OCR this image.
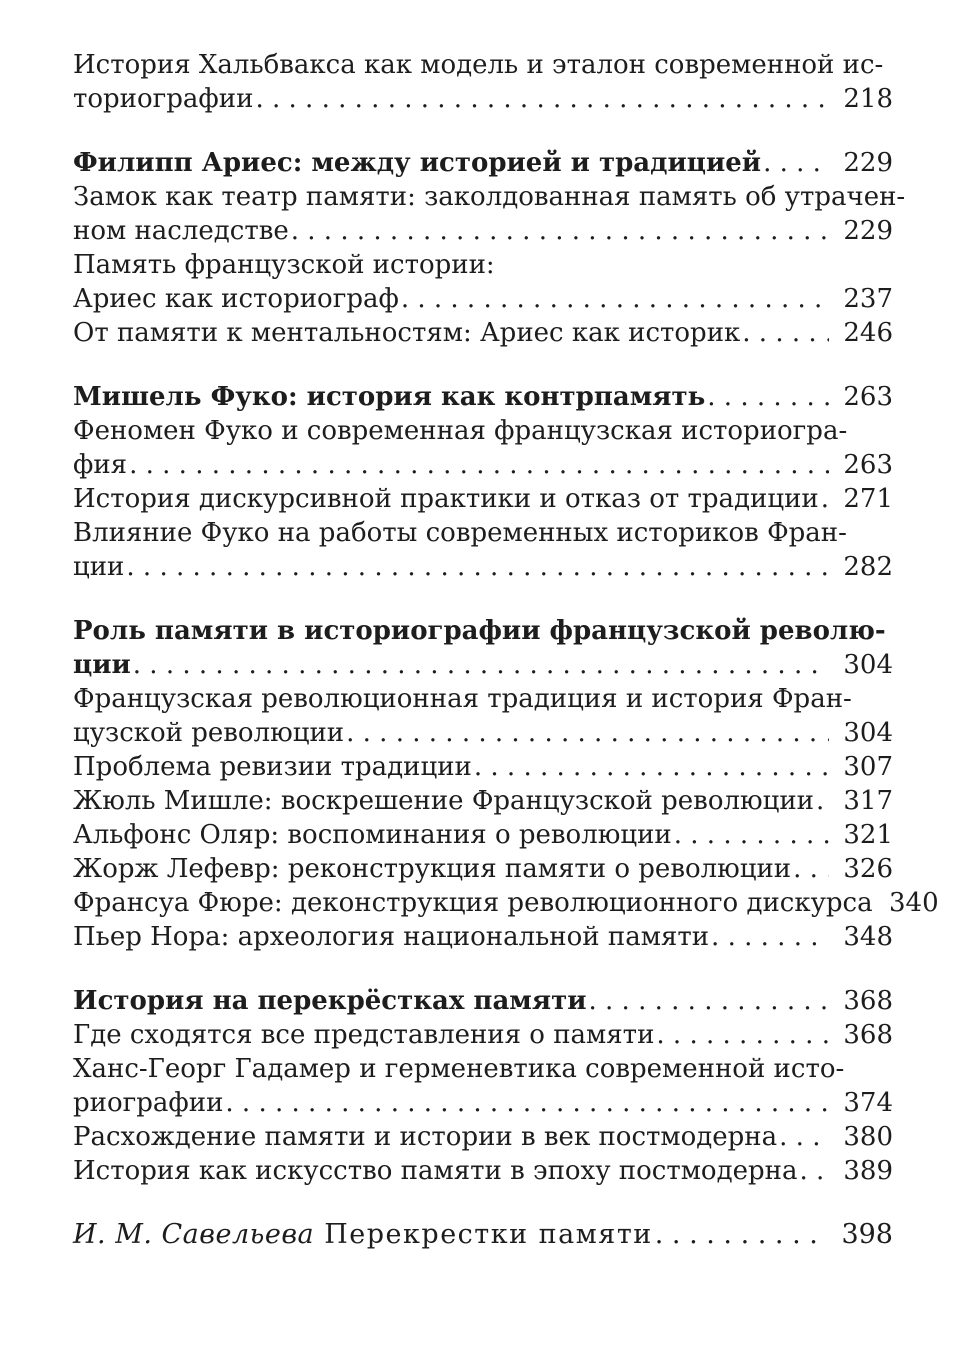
История Хальбвакса как модель и эталон современной ис-
ториографии . . .	218
Филипп Ариес: между историей и традицией . . .	229
Замок как театр памяти: заколдованная память об утрачен-
ном наследстве . . .	229
Память французской истории:
Ариес как историограф . . .	237
От памяти к ментальностям: Ариес как историк . . .	246
Мишель Фуко: история как контрпамять . . .	263
Феномен Фуко и современная французская историогра-
фия . . .	263
История дискурсивной практики и отказ от традиции . . . 271
Влияние Фуко на работы современных историков Фран-
ции . . .	282
Роль памяти в историографии французской револю-
ции . . .	304
Французская революционная традиция и история Фран-
цузской революции . . .	304
Проблема ревизии традиции . . .	307
Жюль Мишле: воскрешение Французской революции . . .	317
Альфонс Оляр: воспоминания о революции . . .	321
Жорж Лефевр: реконструкция памяти о революции . . .	326
Франсуа Фюре: деконструкция революционного дискурса 340
Пьер Нора: археология национальной памяти . . .	348
История на перекрёстках памяти . . .	368
Где сходятся все представления о памяти . . .	368
Ханс-Георг Гадамер и герменевтика современной исто-
риографии . . .	374
Расхождение памяти и истории в век постмодерна . . .	380
История как искусство памяти в эпоху постмодерна . . .	389
И. М. Савельева Перекрестки памяти . . .	398
